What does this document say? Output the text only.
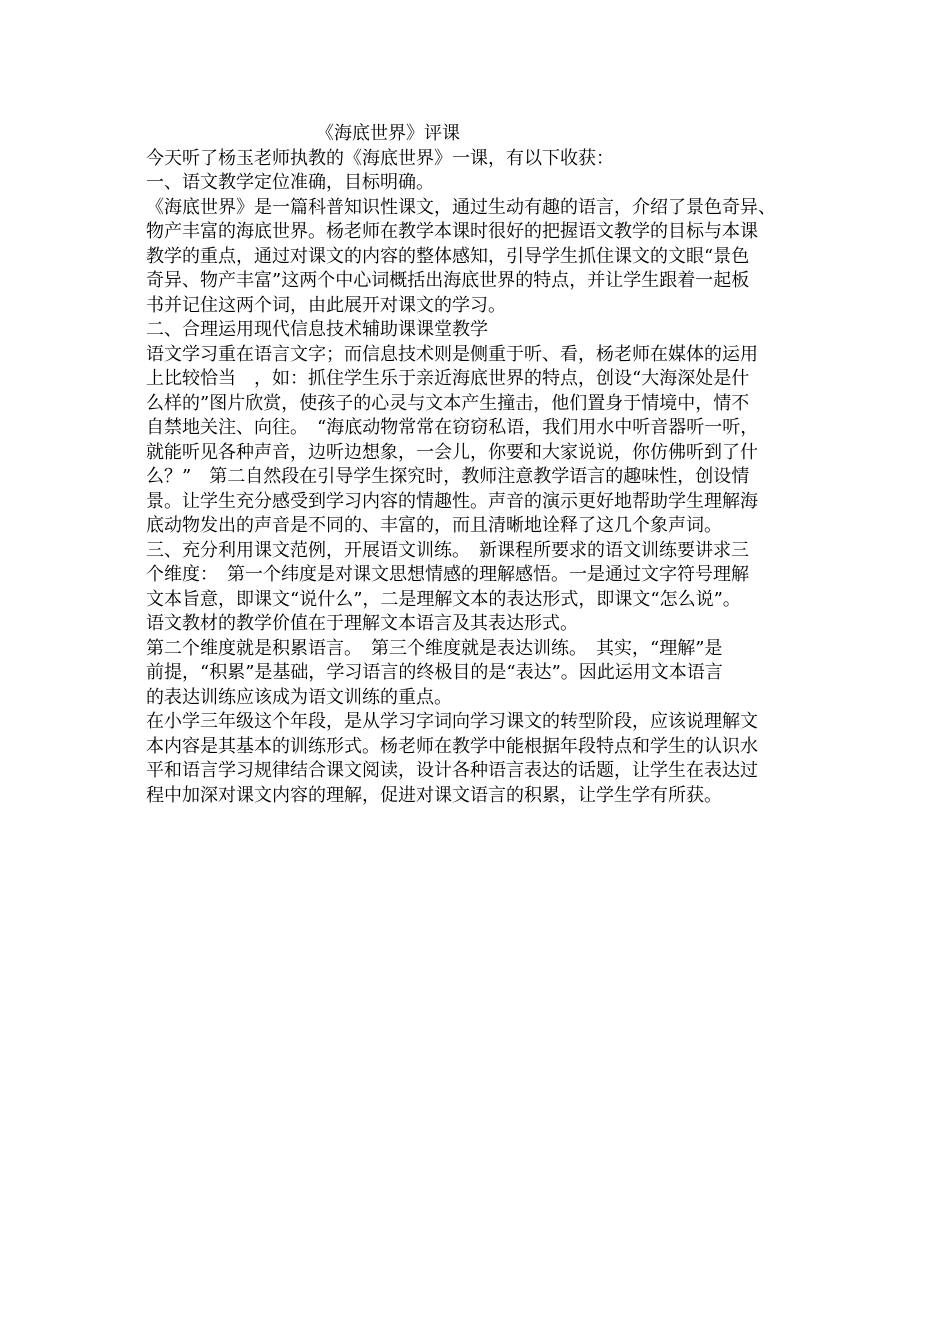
《海底世界》评课

今天听了杨玉老师执教的《海底世界》一课，有以下收获：

一、语文教学定位准确，目标明确。

《海底世界》是一篇科普知识性课文，通过生动有趣的语言，介绍了景色奇异、

物产丰富的海底世界。杨老师在教学本课时很好的把握语文教学的目标与本课

教学的重点，通过对课文的内容的整体感知，引导学生抓住课文的文眼“景色

奇异、物产丰富”这两个中心词概括出海底世界的特点，并让学生跟着一起板

书并记住这两个词，由此展开对课文的学习。

二、合理运用现代信息技术辅助课课堂教学

语文学习重在语言文字；而信息技术则是侧重于听、看，杨老师在媒体的运用

上比较恰当　，如：抓住学生乐于亲近海底世界的特点，创设“大海深处是什

么样的”图片欣赏，使孩子的心灵与文本产生撞击，他们置身于情境中，情不

自禁地关注、向往。　“海底动物常常在窃窃私语，我们用水中听音器听一听，

就能听见各种声音，边听边想象，一会儿，你要和大家说说，你仿佛听到了什

么？”　第二自然段在引导学生探究时，教师注意教学语言的趣味性，创设情

景。让学生充分感受到学习内容的情趣性。声音的演示更好地帮助学生理解海

底动物发出的声音是不同的、丰富的，而且清晰地诠释了这几个象声词。

三、充分利用课文范例，开展语文训练。　新课程所要求的语文训练要讲求三

个维度：　第一个纬度是对课文思想情感的理解感悟。一是通过文字符号理解

文本旨意，即课文“说什么”，二是理解文本的表达形式，即课文“怎么说”。

语文教材的教学价值在于理解文本语言及其表达形式。

第二个维度就是积累语言。　第三个维度就是表达训练。　其实，“理解”是

前提，“积累”是基础，学习语言的终极目的是“表达”。因此运用文本语言

的表达训练应该成为语文训练的重点。

在小学三年级这个年段，是从学习字词向学习课文的转型阶段，应该说理解文

本内容是其基本的训练形式。杨老师在教学中能根据年段特点和学生的认识水

平和语言学习规律结合课文阅读，设计各种语言表达的话题，让学生在表达过

程中加深对课文内容的理解，促进对课文语言的积累，让学生学有所获。
